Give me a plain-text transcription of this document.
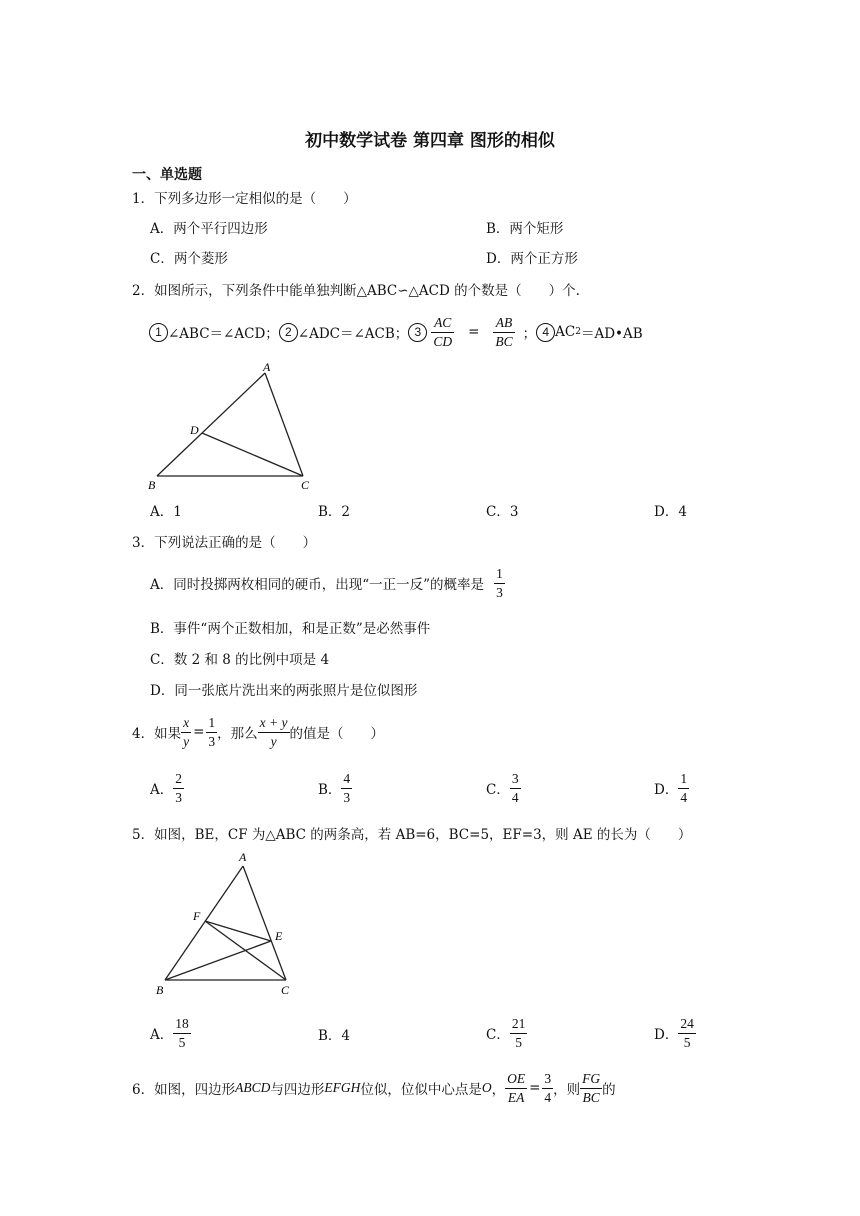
初中数学试卷 第四章 图形的相似
一、单选题
1．下列多边形一定相似的是（　　）
A．两个平行四边形	B．两个矩形
C．两个菱形	D．两个正方形
2．如图所示，下列条件中能单独判断△ABC∽△ACD 的个数是（　　）个.
1 ∠ABC＝∠ACD； 2 ∠ADC＝∠ACB； $3 \frac{AC}{CD} = \frac{AB}{BC}$ ； 4 AC 2 ＝AD•AB
A
B	C
D
A．1	B．2	C．3	D．4
3．下列说法正确的是（　　）
A．同时投掷两枚相同的硬币，出现“一正一反”的概率是 $\frac{1}{3}$
B．事件“两个正数相加，和是正数”是必然事件
C．数 2 和 8 的比例中项是 4
D．同一张底片洗出来的两张照片是位似图形
4．如果 $\frac{x}{y} = \frac{1}{3}$ ，那么 $\frac{x + y}{y}$ 的值是（　　）
A． $\frac{2}{3}$	B． $\frac{4}{3}$	C． $\frac{3}{4}$	D． $\frac{1}{4}$
5．如图，BE，CF 为△ABC 的两条高，若 AB=6，BC=5，EF=3，则 AE 的长为（　　）
A
B	C
E
F
A． $\frac{18}{5}$	B．4	C． $\frac{21}{5}$	D． $\frac{24}{5}$
6．如图，四边形 ABCD 与四边形 EFGH 位似，位似中心点是 O ， $\frac{OE}{EA} = \frac{3}{4}$ ，则 $\frac{FG}{BC}$ 的
